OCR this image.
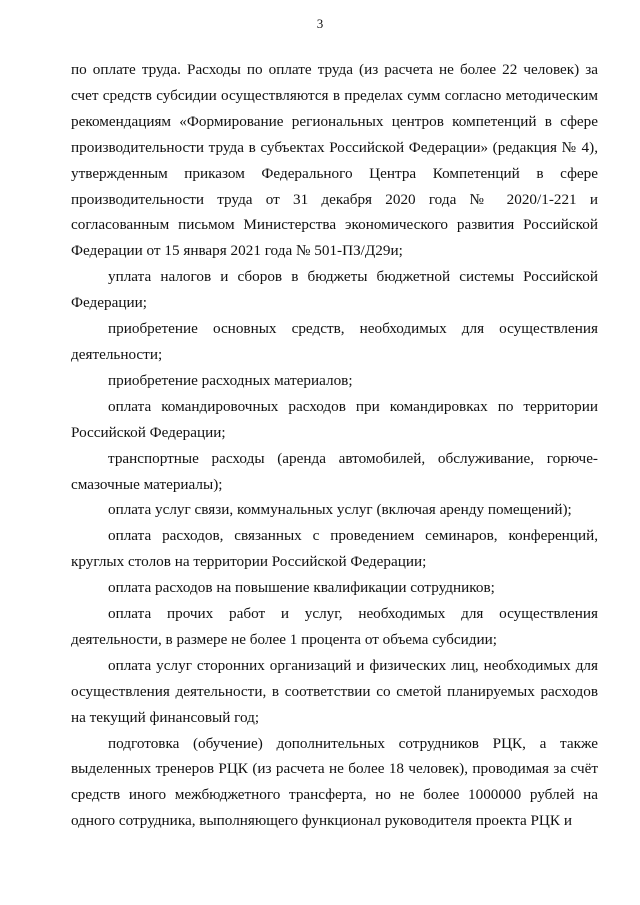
3

по оплате труда. Расходы по оплате труда (из расчета не более 22 человек) за счет средств субсидии осуществляются в пределах сумм согласно методическим рекомендациям «Формирование региональных центров компетенций в сфере производительности труда в субъектах Российской Федерации» (редакция № 4), утвержденным приказом Федерального Центра Компетенций в сфере производительности труда от 31 декабря 2020 года № 2020/1-221 и согласованным письмом Министерства экономического развития Российской Федерации от 15 января 2021 года № 501-ПЗ/Д29и;

уплата налогов и сборов в бюджеты бюджетной системы Российской Федерации;

приобретение основных средств, необходимых для осуществления деятельности;

приобретение расходных материалов;

оплата командировочных расходов при командировках по территории Российской Федерации;

транспортные расходы (аренда автомобилей, обслуживание, горюче-смазочные материалы);

оплата услуг связи, коммунальных услуг (включая аренду помещений);

оплата расходов, связанных с проведением семинаров, конференций, круглых столов на территории Российской Федерации;

оплата расходов на повышение квалификации сотрудников;

оплата прочих работ и услуг, необходимых для осуществления деятельности, в размере не более 1 процента от объема субсидии;

оплата услуг сторонних организаций и физических лиц, необходимых для осуществления деятельности, в соответствии со сметой планируемых расходов на текущий финансовый год;

подготовка (обучение) дополнительных сотрудников РЦК, а также выделенных тренеров РЦК (из расчета не более 18 человек), проводимая за счёт средств иного межбюджетного трансферта, но не более 1000000 рублей на одного сотрудника, выполняющего функционал руководителя проекта РЦК и
